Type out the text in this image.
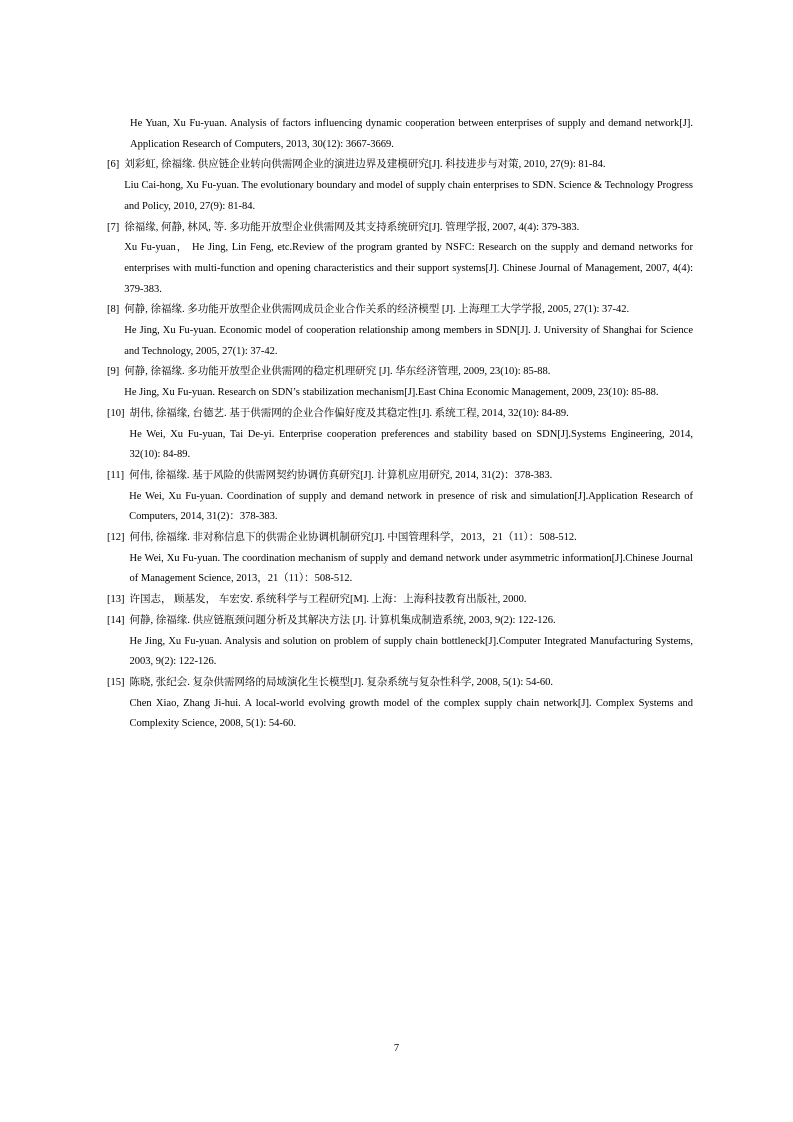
He Yuan, Xu Fu-yuan. Analysis of factors influencing dynamic cooperation between enterprises of supply and demand network[J]. Application Research of Computers, 2013, 30(12): 3667-3669.

[6] 刘彩虹, 徐福缘. 供应链企业转向供需网企业的演进边界及建模研究[J]. 科技进步与对策, 2010, 27(9): 81-84.

Liu Cai-hong, Xu Fu-yuan. The evolutionary boundary and model of supply chain enterprises to SDN. Science & Technology Progress and Policy, 2010, 27(9): 81-84.

[7] 徐福缘, 何静, 林风, 等. 多功能开放型企业供需网及其支持系统研究[J]. 管理学报, 2007, 4(4): 379-383.

Xu Fu-yuan， He Jing, Lin Feng, etc.Review of the program granted by NSFC: Research on the supply and demand networks for enterprises with multi-function and opening characteristics and their support systems[J]. Chinese Journal of Management, 2007, 4(4): 379-383.

[8] 何静, 徐福缘. 多功能开放型企业供需网成员企业合作关系的经济模型 [J]. 上海理工大学学报, 2005, 27(1): 37-42.

He Jing, Xu Fu-yuan. Economic model of cooperation relationship among members in SDN[J]. J. University of Shanghai for Science and Technology, 2005, 27(1): 37-42.

[9] 何静, 徐福缘. 多功能开放型企业供需网的稳定机理研究 [J]. 华东经济管理, 2009, 23(10): 85-88.

He Jing, Xu Fu-yuan. Research on SDN’s stabilization mechanism[J].East China Economic Management, 2009, 23(10): 85-88.

[10] 胡伟, 徐福缘, 台德艺. 基于供需网的企业合作偏好度及其稳定性[J]. 系统工程, 2014, 32(10): 84-89.

He Wei, Xu Fu-yuan, Tai De-yi. Enterprise cooperation preferences and stability based on SDN[J].Systems Engineering, 2014, 32(10): 84-89.

[11] 何伟, 徐福缘. 基于风险的供需网契约协调仿真研究[J]. 计算机应用研究, 2014, 31(2)：378-383.

He Wei, Xu Fu-yuan. Coordination of supply and demand network in presence of risk and simulation[J].Application Research of Computers, 2014, 31(2)：378-383.

[12] 何伟, 徐福缘. 非对称信息下的供需企业协调机制研究[J]. 中国管理科学，2013，21（11）：508-512.

He Wei, Xu Fu-yuan. The coordination mechanism of supply and demand network under asymmetric information[J].Chinese Journal of Management Science, 2013，21（11）：508-512.

[13] 许国志， 顾基发， 车宏安. 系统科学与工程研究[M]. 上海：上海科技教育出版社, 2000.

[14] 何静, 徐福缘. 供应链瓶颈问题分析及其解决方法 [J]. 计算机集成制造系统, 2003, 9(2): 122-126.

He Jing, Xu Fu-yuan. Analysis and solution on problem of supply chain bottleneck[J].Computer Integrated Manufacturing Systems, 2003, 9(2): 122-126.

[15] 陈晓, 张纪会. 复杂供需网络的局域演化生长模型[J]. 复杂系统与复杂性科学, 2008, 5(1): 54-60.

Chen Xiao, Zhang Ji-hui. A local-world evolving growth model of the complex supply chain network[J]. Complex Systems and Complexity Science, 2008, 5(1): 54-60.

7
